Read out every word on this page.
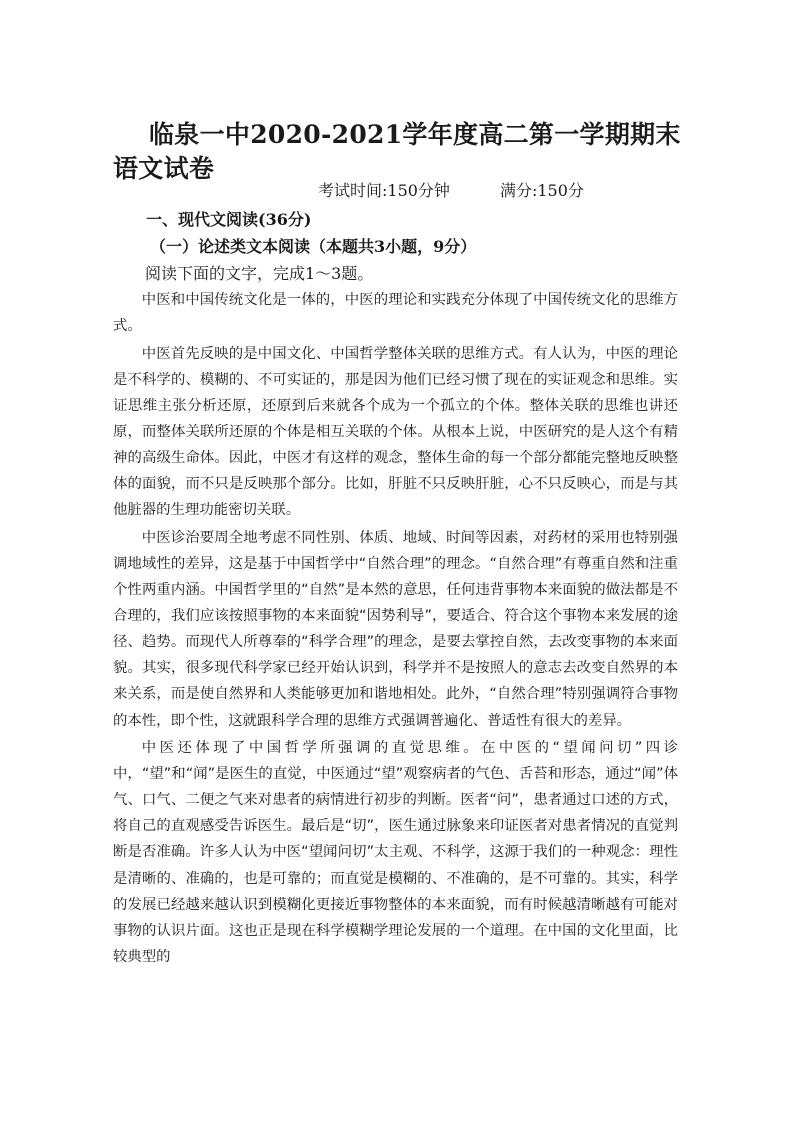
临泉一中2020-2021学年度高二第一学期期末语文试卷
考试时间:150分钟	满分:150分
一、现代文阅读(36分)
（一）论述类文本阅读（本题共3小题，9分）
阅读下面的文字，完成1～3题。

中医和中国传统文化是一体的，中医的理论和实践充分体现了中国传统文化的思维方式。

中医首先反映的是中国文化、中国哲学整体关联的思维方式。有人认为，中医的理论是不科学的、模糊的、不可实证的，那是因为他们已经习惯了现在的实证观念和思维。实证思维主张分析还原，还原到后来就各个成为一个孤立的个体。整体关联的思维也讲还原，而整体关联所还原的个体是相互关联的个体。从根本上说，中医研究的是人这个有精神的高级生命体。因此，中医才有这样的观念，整体生命的每一个部分都能完整地反映整体的面貌，而不只是反映那个部分。比如，肝脏不只反映肝脏，心不只反映心，而是与其他脏器的生理功能密切关联。

中医诊治要周全地考虑不同性别、体质、地域、时间等因素，对药材的采用也特别强调地域性的差异，这是基于中国哲学中“自然合理”的理念。“自然合理”有尊重自然和注重个性两重内涵。中国哲学里的“自然”是本然的意思，任何违背事物本来面貌的做法都是不合理的，我们应该按照事物的本来面貌“因势利导”，要适合、符合这个事物本来发展的途径、趋势。而现代人所尊奉的“科学合理”的理念，是要去掌控自然，去改变事物的本来面貌。其实，很多现代科学家已经开始认识到，科学并不是按照人的意志去改变自然界的本来关系，而是使自然界和人类能够更加和谐地相处。此外，“自然合理”特别强调符合事物的本性，即个性，这就跟科学合理的思维方式强调普遍化、普适性有很大的差异。

中医还体现了中国哲学所强调的直觉思维。在中医的“望闻问切”四诊中，“望”和“闻”是医生的直觉，中医通过“望”观察病者的气色、舌苔和形态，通过“闻”体气、口气、二便之气来对患者的病情进行初步的判断。医者“问”，患者通过口述的方式，将自己的直观感受告诉医生。最后是“切”，医生通过脉象来印证医者对患者情况的直觉判断是否准确。许多人认为中医“望闻问切”太主观、不科学，这源于我们的一种观念：理性是清晰的、准确的，也是可靠的；而直觉是模糊的、不准确的，是不可靠的。其实，科学的发展已经越来越认识到模糊化更接近事物整体的本来面貌，而有时候越清晰越有可能对事物的认识片面。这也正是现在科学模糊学理论发展的一个道理。在中国的文化里面，比较典型的
